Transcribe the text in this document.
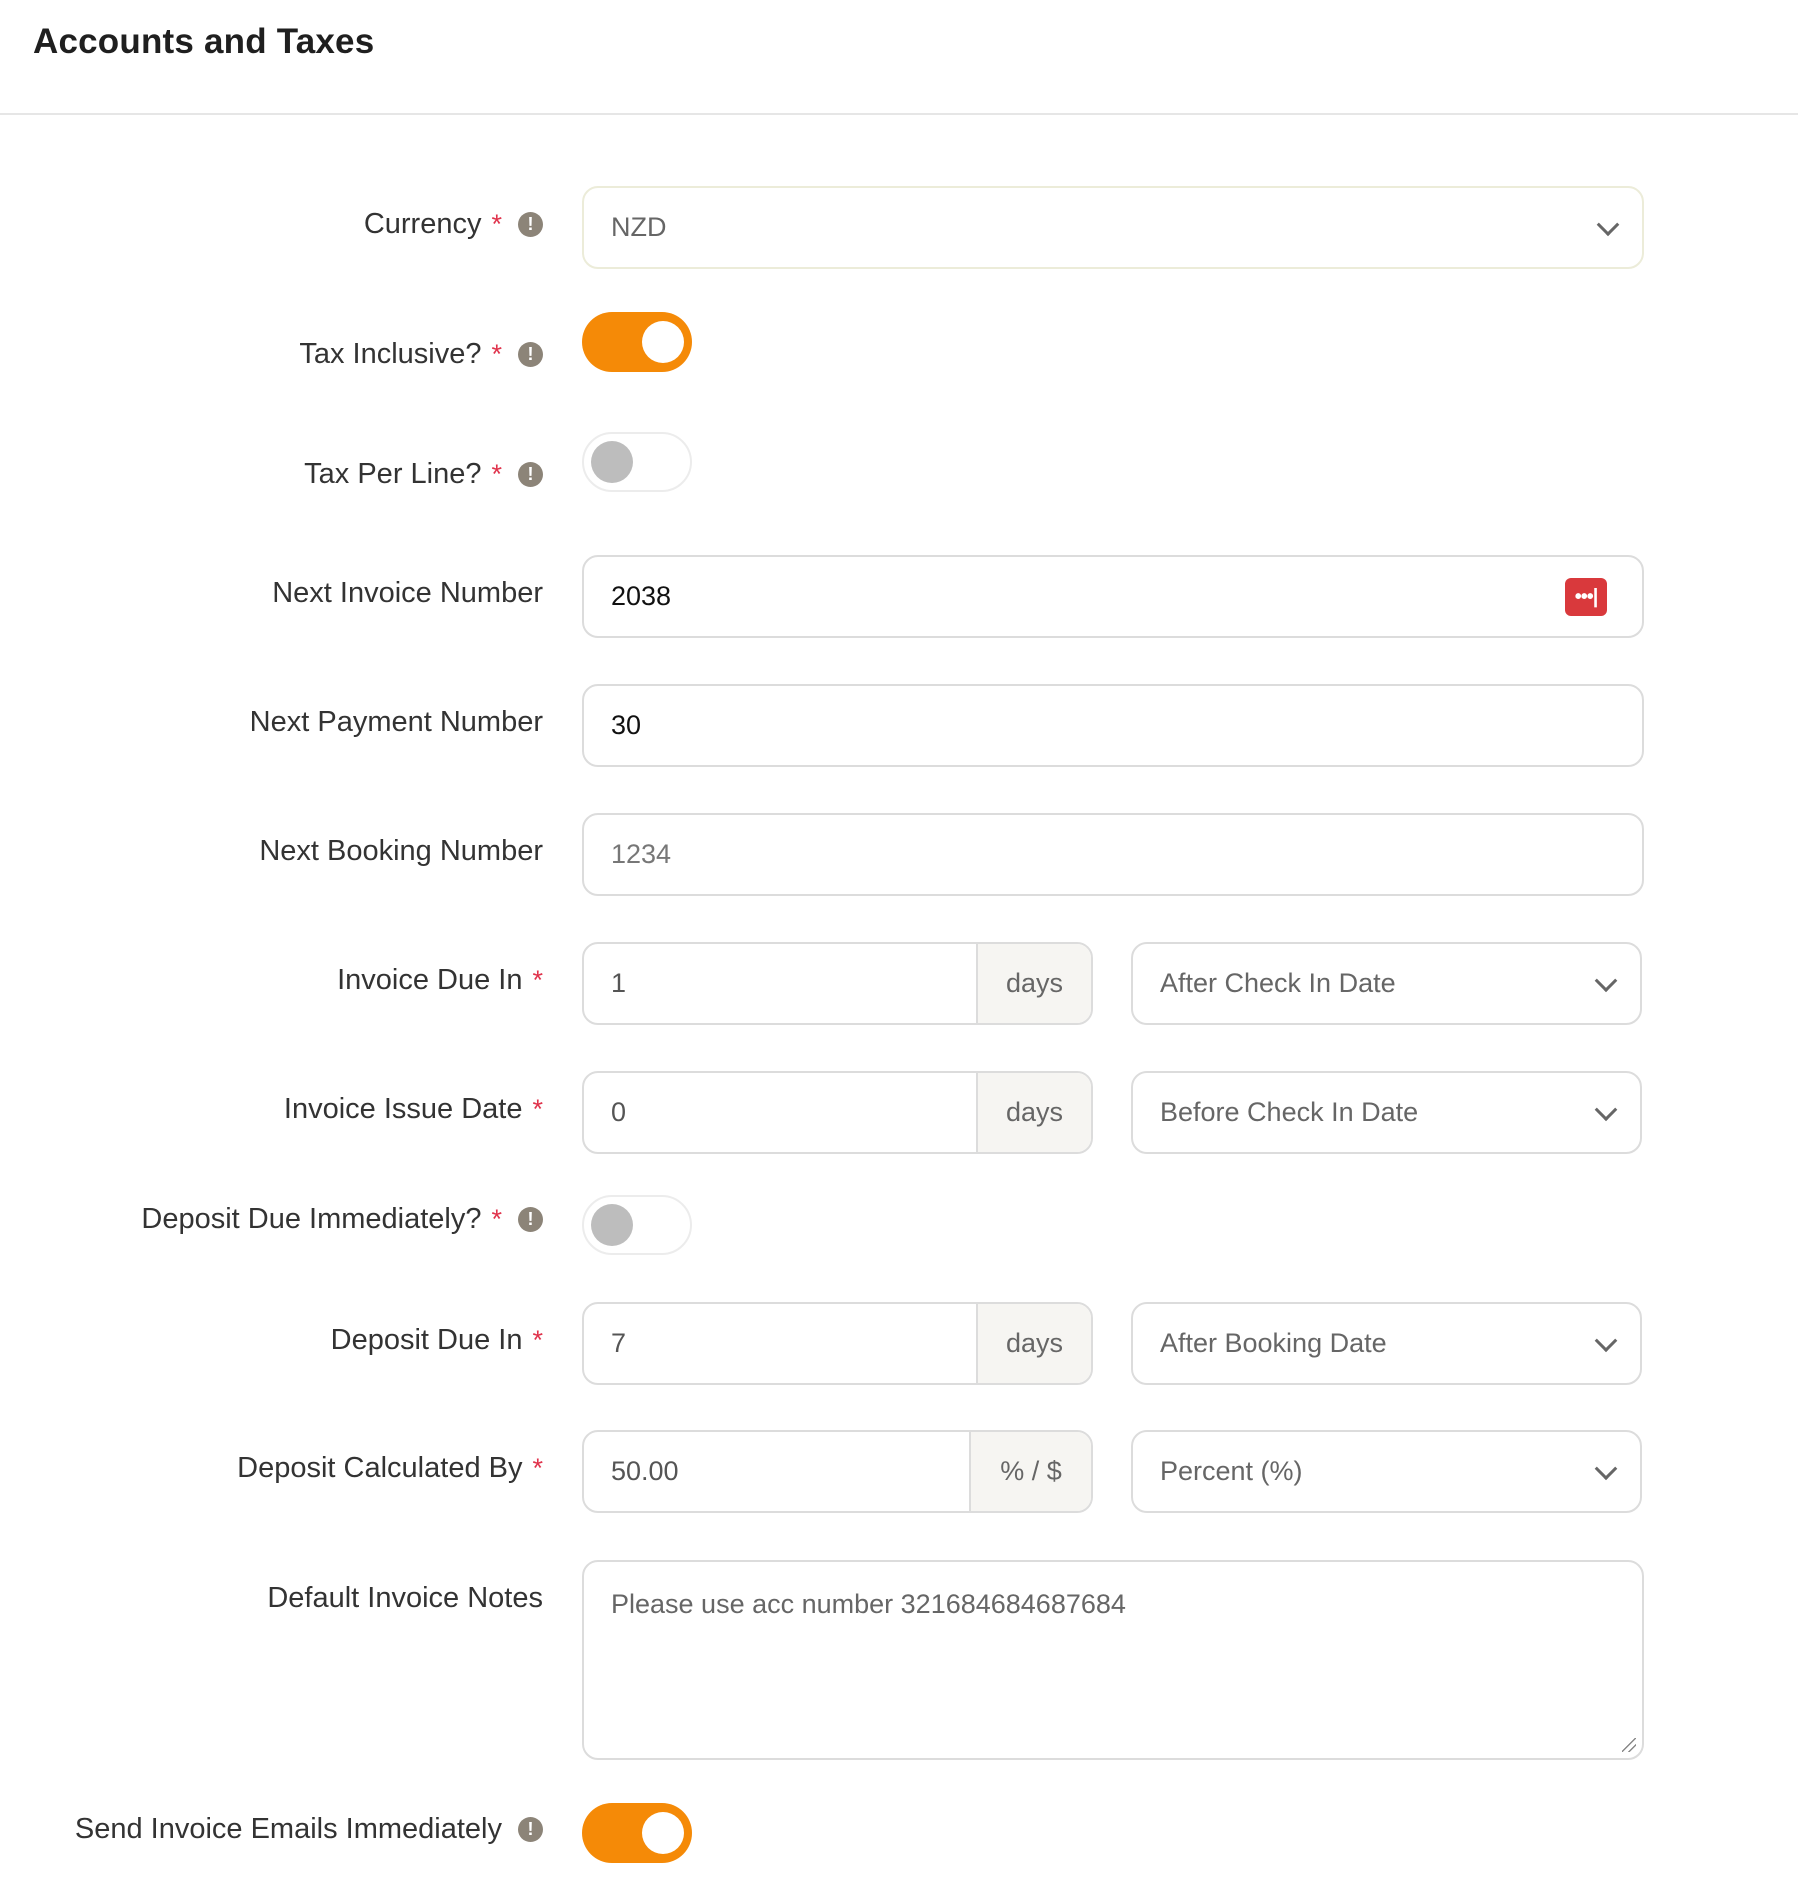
Accounts and Taxes
Currency *	!	NZD
Tax Inclusive? *	!
Tax Per Line? *	!
Next Invoice Number	2038	•••|
Next Payment Number	30
Next Booking Number	1234
Invoice Due In *	1	days	After Check In Date
Invoice Issue Date *	0	days	Before Check In Date
Deposit Due Immediately? *	!
Deposit Due In *	7	days	After Booking Date
Deposit Calculated By *	50.00	% / $	Percent (%)
Default Invoice Notes	Please use acc number 321684684687684
Send Invoice Emails Immediately	!
